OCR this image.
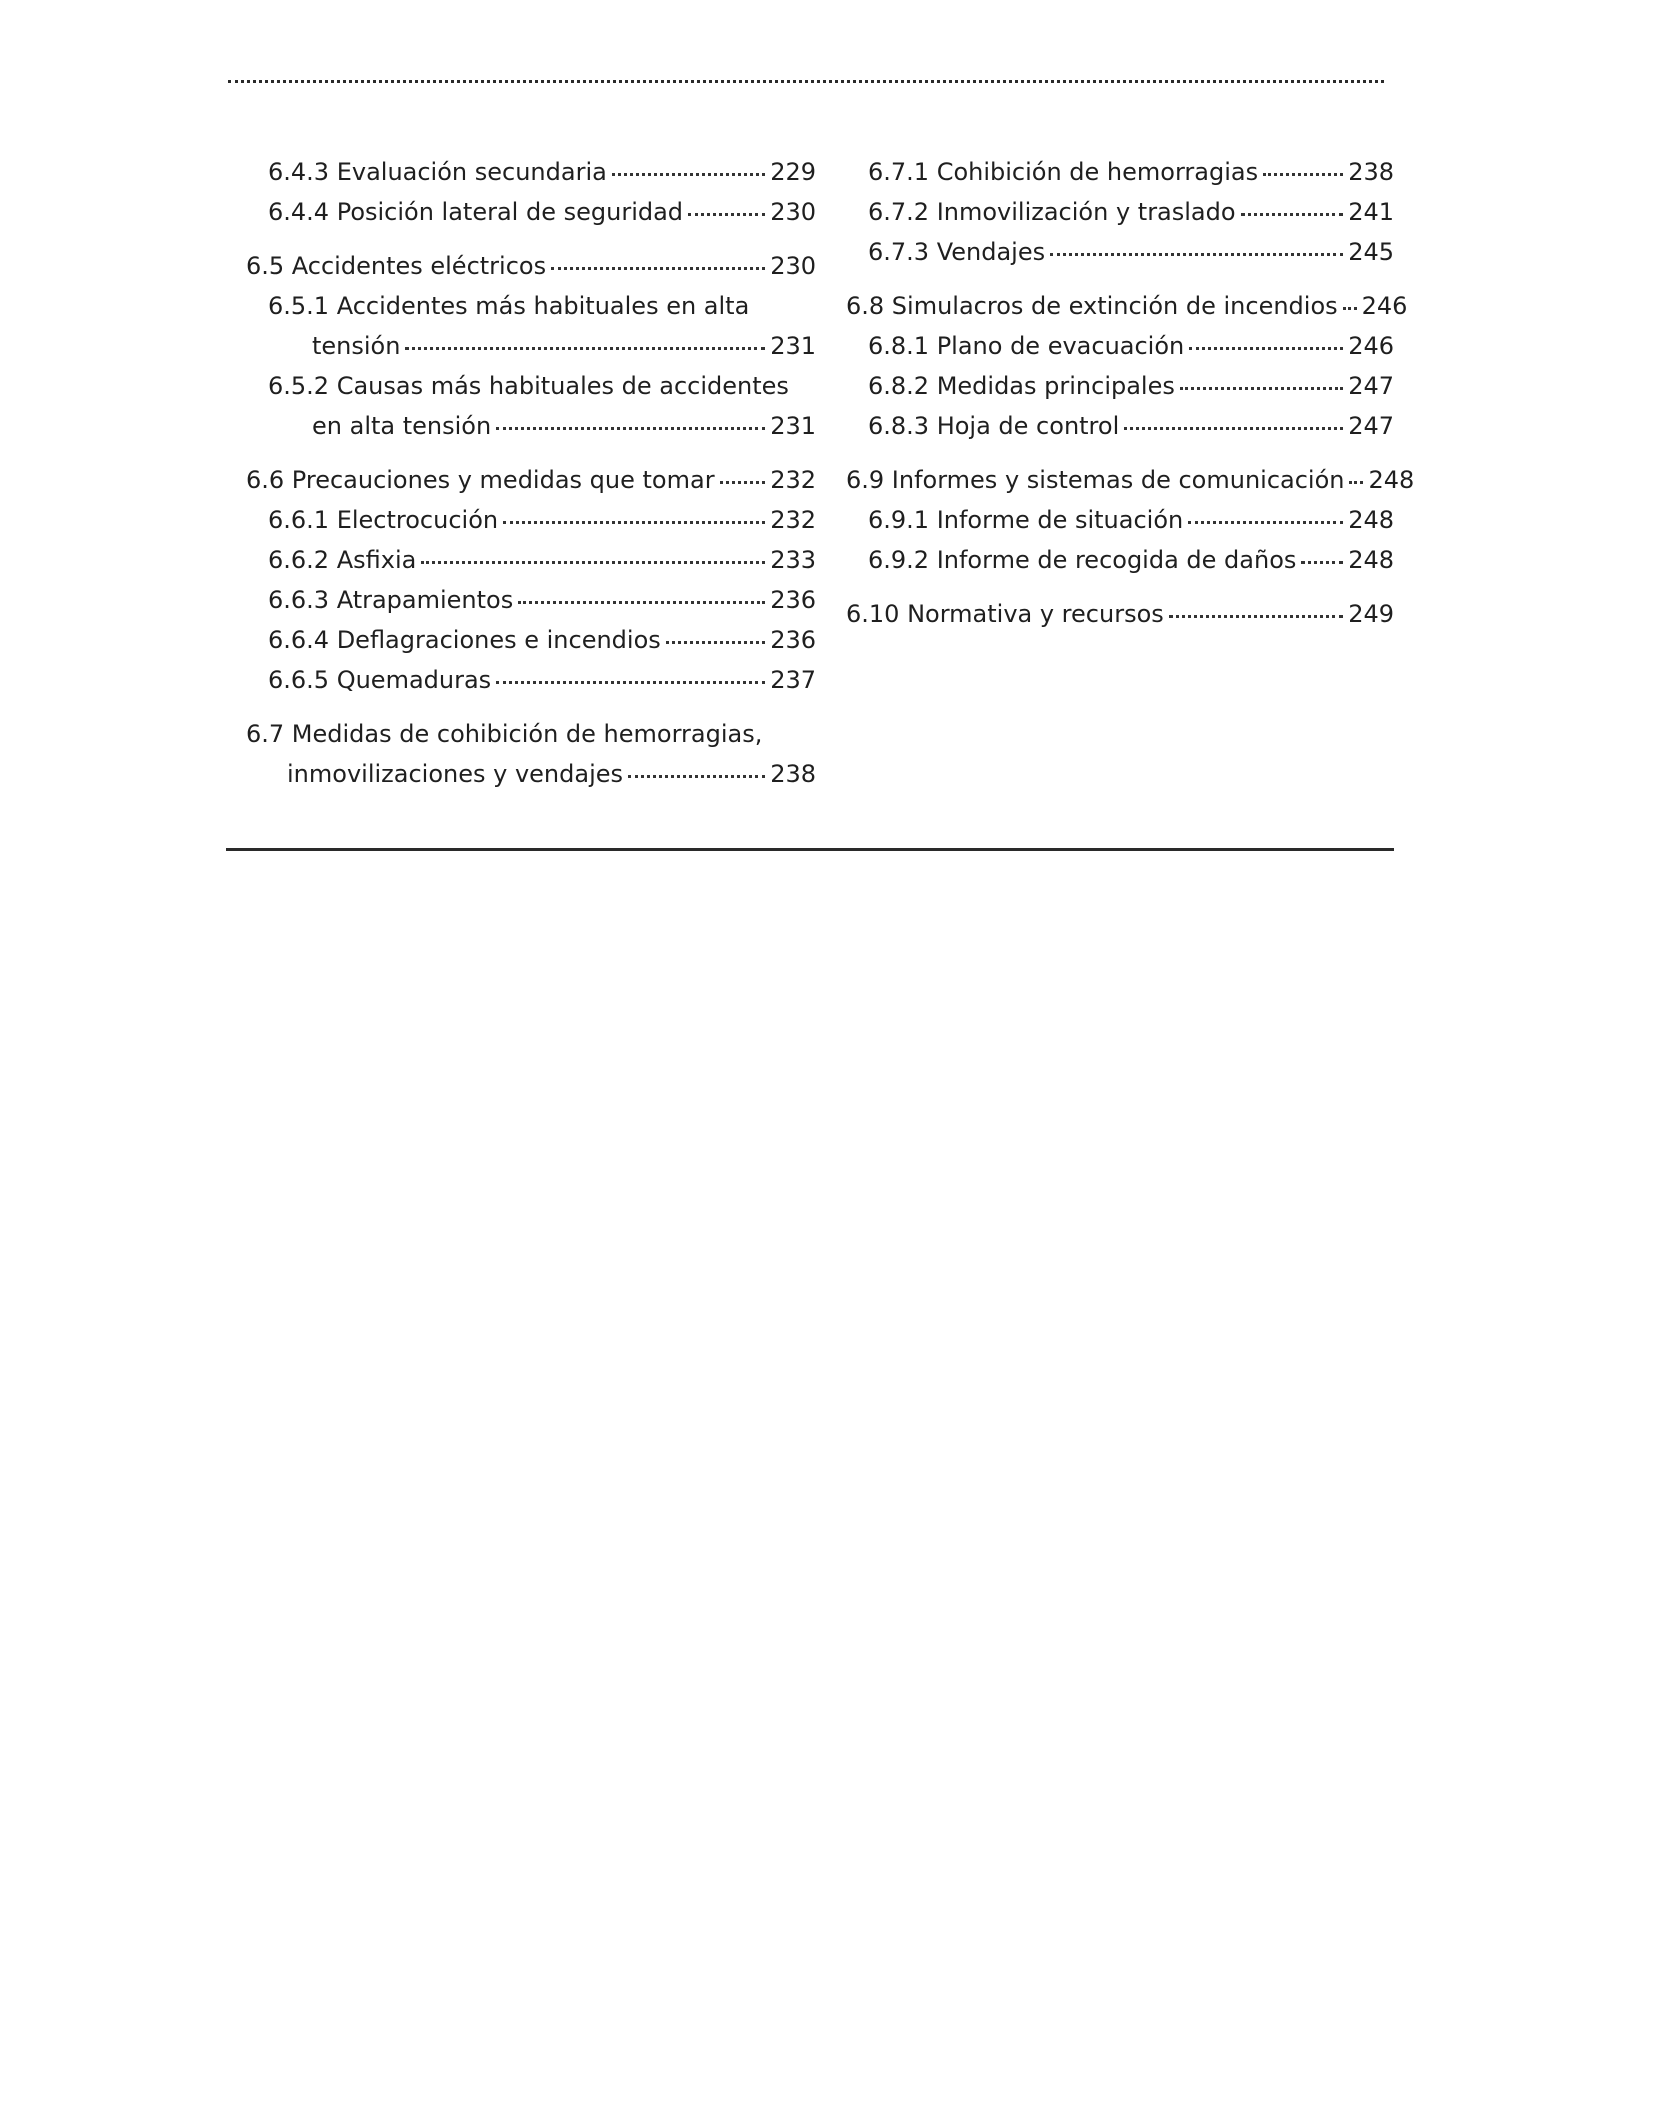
6.4.3 Evaluación secundaria	229
6.4.4 Posición lateral de seguridad	230
6.5 Accidentes eléctricos	230
6.5.1 Accidentes más habituales en alta
tensión	231
6.5.2 Causas más habituales de accidentes
en alta tensión	231
6.6 Precauciones y medidas que tomar 232
6.6.1 Electrocución	232
6.6.2 Asfixia	233
6.6.3 Atrapamientos	236
6.6.4 Deflagraciones e incendios	236
6.6.5 Quemaduras	237
6.7 Medidas de cohibición de hemorragias,
inmovilizaciones y vendajes	238
6.7.1 Cohibición de hemorragias	238
6.7.2 Inmovilización y traslado	241
6.7.3 Vendajes	245
6.8 Simulacros de extinción de incendios 246
6.8.1 Plano de evacuación	246
6.8.2 Medidas principales	247
6.8.3 Hoja de control	247
6.9 Informes y sistemas de comunicación 248
6.9.1 Informe de situación	248
6.9.2 Informe de recogida de daños 248
6.10 Normativa y recursos	249
